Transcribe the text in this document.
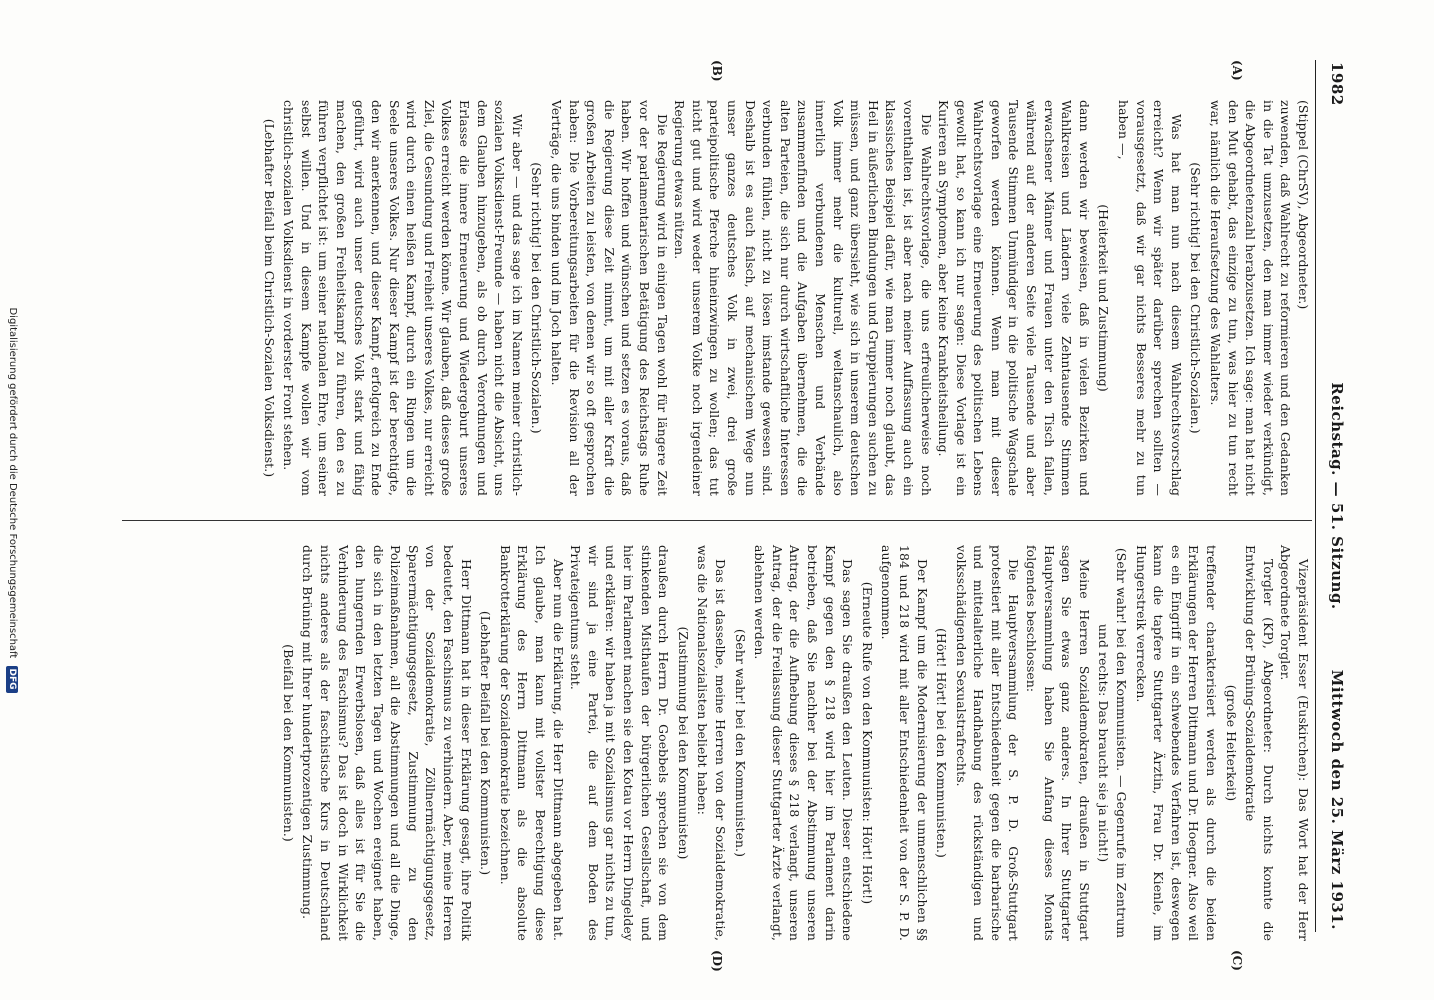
1982
Reichstag. — 51. Sitzung.
Mittwoch den 25. März 1931.
(A)
(B)
(C)
(D)

(Stippel (ChrSV), Abgeordneter.)

zuwenden, daß Wahlrecht zu reformieren und den Gedanken in die Tat umzusetzen, den man immer wieder verkündigt, die Abgeordnetenzahl herabzusetzen. Ich sage: man hat nicht den Mut gehabt, das einzige zu tun, was hier zu tun recht war, nämlich die Heraufsetzung des Wahlalters.

(Sehr richtig! bei den Christlich-Sozialen.)

Was hat man nun nach diesem Wahlrechtsvorschlag erreicht? Wenn wir später darüber sprechen sollten — vorausgesetzt, daß wir gar nichts Besseres mehr zu tun haben —,

(Heiterkeit und Zustimmung)

dann werden wir beweisen, daß in vielen Bezirken und Wahlkreisen und Ländern viele Zehntausende Stimmen erwachsener Männer und Frauen unter den Tisch fallen, während auf der anderen Seite viele Tausende und aber Tausende Stimmen Unmündiger in die politische Wagschale geworfen werden können. Wenn man mit dieser Wahlrechtsvorlage eine Erneuerung des politischen Lebens gewollt hat, so kann ich nur sagen: Diese Vorlage ist ein Kurieren an Symptomen, aber keine Krankheitsheilung.

Die Wahlrechtsvorlage, die uns erfreulicherweise noch vorenthalten ist, ist aber nach meiner Auffassung auch ein klassisches Beispiel dafür, wie man immer noch glaubt, das Heil in äußerlichen Bindungen und Gruppierungen suchen zu müssen, und ganz übersieht, wie sich in unserem deutschen Volk immer mehr die kulturell, weltanschaulich, also innerlich verbundenen Menschen und Verbände zusammenfinden und die Aufgaben übernehmen, die die alten Parteien, die sich nur durch wirtschaftliche Interessen verbunden fühlen, nicht zu lösen imstande gewesen sind. Deshalb ist es auch falsch, auf mechanischem Wege nun unser ganzes deutsches Volk in zwei, drei große parteipolitische Pferche hineinzwingen zu wollen; das tut nicht gut und wird weder unserem Volke noch irgendeiner Regierung etwas nützen.

Die Regierung wird in einigen Tagen wohl für längere Zeit vor der parlamentarischen Betätigung des Reichstags Ruhe haben. Wir hoffen und wünschen und setzen es voraus, daß die Regierung diese Zeit nimmt, um mit aller Kraft die großen Arbeiten zu leisten, von denen wir so oft gesprochen haben: Die Vorbereitungsarbeiten für die Revision all der Verträge, die uns binden und im Joch halten.

(Sehr richtig! bei den Christlich-Sozialen.)

Wir aber — und das sage ich im Namen meiner christlich-sozialen Volksdienst-Freunde — haben nicht die Absicht, uns dem Glauben hinzugeben, als ob durch Verordnungen und Erlasse die innere Erneuerung und Wiedergeburt unseres Volkes erreicht werden könne. Wir glauben, daß dieses große Ziel, die Gesundung und Freiheit unseres Volkes, nur erreicht wird durch einen heißen Kampf, durch ein Ringen um die Seele unseres Volkes. Nur dieser Kampf ist der berechtigte, den wir anerkennen, und dieser Kampf, erfolgreich zu Ende geführt, wird auch unser deutsches Volk stark und fähig machen, den großen Freiheitskampf zu führen, den es zu führen verpflichtet ist: um seiner nationalen Ehre, um seiner selbst willen. Und in diesem Kampfe wollen wir vom christlich-sozialen Volksdienst in vorderster Front stehen.

(Lebhafter Beifall beim Christlich-Sozialen Volksdienst.)

Vizepräsident Esser (Euskirchen): Das Wort hat der Herr Abgeordnete Torgler.

Torgler (KP), Abgeordneter: Durch nichts konnte die Entwicklung der Brüning-Sozialdemokratie

(große Heiterkeit)

treffender charakterisiert werden als durch die beiden Erklärungen der Herren Dittmann und Dr. Hoegner. Also weil es ein Eingriff in ein schwebendes Verfahren ist, deswegen kann die tapfere Stuttgarter Ärztin, Frau Dr. Kienle, im Hungerstreik verrecken.

(Sehr wahr! bei den Kommunisten. — Gegenrufe im Zentrum und rechts: Das braucht sie ja nicht!)

Meine Herren Sozialdemokraten, draußen in Stuttgart sagen Sie etwas ganz anderes. In Ihrer Stuttgarter Hauptversammlung haben Sie Anfang dieses Monats folgendes beschlossen:

Die Hauptversammlung der S. P. D. Groß-Stuttgart protestiert mit aller Entschiedenheit gegen die barbarische und mittelalterliche Handhabung des rückständigen und volksschädigenden Sexualstrafrechts.

(Hört! Hört! bei den Kommunisten.)

Der Kampf um die Modernisierung der unmenschlichen §§ 184 und 218 wird mit aller Entschiedenheit von der S. P. D. aufgenommen.

(Erneute Rufe von den Kommunisten: Hört! Hört!)

Das sagen Sie draußen den Leuten. Dieser entschiedene Kampf gegen den § 218 wird hier im Parlament darin betrieben, daß Sie nachher bei der Abstimmung unseren Antrag, der die Aufhebung dieses § 218 verlangt, unseren Antrag, der die Freilassung dieser Stuttgarter Ärzte verlangt, ablehnen werden.

(Sehr wahr! bei den Kommunisten.)

Das ist dasselbe, meine Herren von der Sozialdemokratie, was die Nationalsozialisten beliebt haben:

(Zustimmung bei den Kommunisten)

draußen durch Herrn Dr. Goebbels sprechen sie von dem stinkenden Misthaufen der bürgerlichen Gesellschaft, und hier im Parlament machen sie den Kotau vor Herrn Dingeldey und erklären: wir haben ja mit Sozialismus gar nichts zu tun, wir sind ja eine Partei, die auf dem Boden des Privateigentums steht.

Aber nun die Erklärung, die Herr Dittmann abgegeben hat. Ich glaube, man kann mit vollster Berechtigung diese Erklärung des Herrn Dittmann als die absolute Bankrotterklärung der Sozialdemokratie bezeichnen.

(Lebhafter Beifall bei den Kommunisten.)

Herr Dittmann hat in dieser Erklärung gesagt, ihre Politik bedeutet, den Faschismus zu verhindern. Aber, meine Herren von der Sozialdemokratie, Zöllnermächtigungsgesetz, Sparermächtigungsgesetz, Zustimmung zu den Polizeimaßnahmen, all die Abstimmungen und all die Dinge, die sich in den letzten Tagen und Wochen ereignet haben, den hungernden Erwerbslosen, daß alles ist für Sie die Verhinderung des Faschismus? Das ist doch in Wirklichkeit nichts anderes als der faschistische Kurs in Deutschland durch Brüning mit Ihrer hundertprozentigen Zustimmung.

(Beifall bei den Kommunisten.)

Digitalisierung gefördert durch die Deutsche Forschungsgemeinschaft DFG
